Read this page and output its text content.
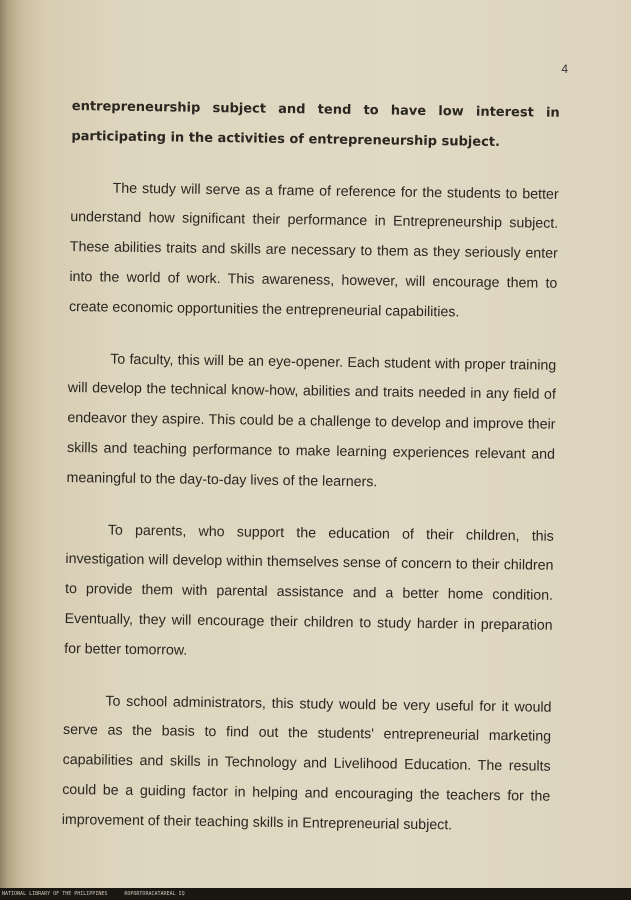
4

entrepreneurship subject and tend to have low interest in participating in the activities of entrepreneurship subject.

The study will serve as a frame of reference for the students to better understand how significant their performance in Entrepreneurship subject. These abilities traits and skills are necessary to them as they seriously enter into the world of work. This awareness, however, will encourage them to create economic opportunities the entrepreneurial capabilities.

To faculty, this will be an eye-opener. Each student with proper training will develop the technical know-how, abilities and traits needed in any field of endeavor they aspire. This could be a challenge to develop and improve their skills and teaching performance to make learning experiences relevant and meaningful to the day-to-day lives of the learners.

To parents, who support the education of their children, this investigation will develop within themselves sense of concern to their children to provide them with parental assistance and a better home condition. Eventually, they will encourage their children to study harder in preparation for better tomorrow.

To school administrators, this study would be very useful for it would serve as the basis to find out the students' entrepreneurial marketing capabilities and skills in Technology and Livelihood Education. The results could be a guiding factor in helping and encouraging the teachers for the improvement of their teaching skills in Entrepreneurial subject.

NATIONAL LIBRARY OF THE PHILIPPINES	ROPORTORACATAREAL IQ
